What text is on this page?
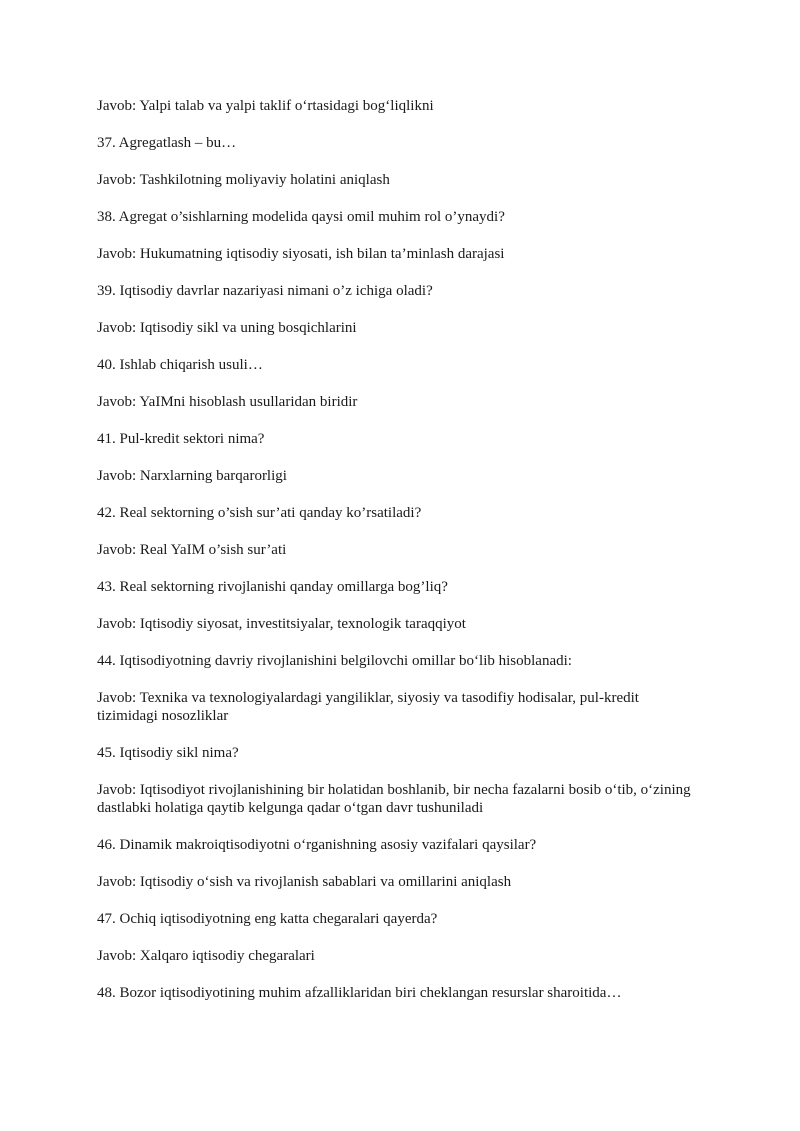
Javob: Yalpi talab va yalpi taklif o‘rtasidagi bog‘liqlikni

37. Agregatlash – bu…

Javob: Tashkilotning moliyaviy holatini aniqlash

38. Agregat o’sishlarning modelida qaysi omil muhim rol o’ynaydi?

Javob: Hukumatning iqtisodiy siyosati, ish bilan ta’minlash darajasi

39. Iqtisodiy davrlar nazariyasi nimani o’z ichiga oladi?

Javob: Iqtisodiy sikl va uning bosqichlarini

40. Ishlab chiqarish usuli…

Javob: YaIMni hisoblash usullaridan biridir

41. Pul-kredit sektori nima?

Javob: Narxlarning barqarorligi

42. Real sektorning o’sish sur’ati qanday ko’rsatiladi?

Javob: Real YaIM o’sish sur’ati

43. Real sektorning rivojlanishi qanday omillarga bog’liq?

Javob: Iqtisodiy siyosat, investitsiyalar, texnologik taraqqiyot

44. Iqtisodiyotning davriy rivojlanishini belgilovchi omillar bo‘lib hisoblanadi:

Javob: Texnika va texnologiyalardagi yangiliklar, siyosiy va tasodifiy hodisalar, pul-kredit tizimidagi nosozliklar

45. Iqtisodiy sikl nima?

Javob: Iqtisodiyot rivojlanishining bir holatidan boshlanib, bir necha fazalarni bosib o‘tib, o‘zining dastlabki holatiga qaytib kelgunga qadar o‘tgan davr tushuniladi

46. Dinamik makroiqtisodiyotni o‘rganishning asosiy vazifalari qaysilar?

Javob: Iqtisodiy o‘sish va rivojlanish sabablari va omillarini aniqlash

47. Ochiq iqtisodiyotning eng katta chegaralari qayerda?

Javob: Xalqaro iqtisodiy chegaralari

48. Bozor iqtisodiyotining muhim afzalliklaridan biri cheklangan resurslar sharoitida…
